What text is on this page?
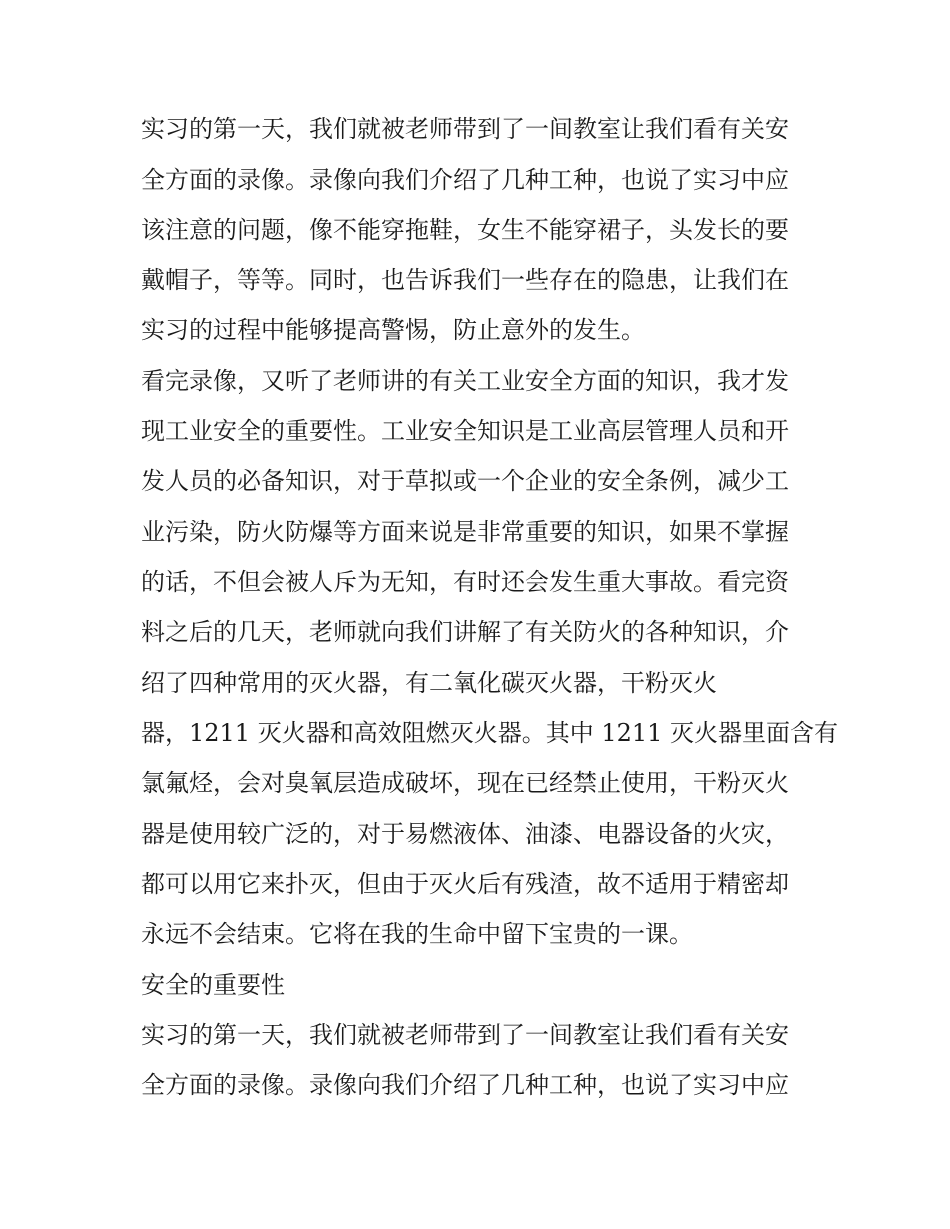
实习的第一天，我们就被老师带到了一间教室让我们看有关安
全方面的录像。录像向我们介绍了几种工种，也说了实习中应
该注意的问题，像不能穿拖鞋，女生不能穿裙子，头发长的要
戴帽子，等等。同时，也告诉我们一些存在的隐患，让我们在
实习的过程中能够提高警惕，防止意外的发生。
看完录像，又听了老师讲的有关工业安全方面的知识，我才发
现工业安全的重要性。工业安全知识是工业高层管理人员和开
发人员的必备知识，对于草拟或一个企业的安全条例，减少工
业污染，防火防爆等方面来说是非常重要的知识，如果不掌握
的话，不但会被人斥为无知，有时还会发生重大事故。看完资
料之后的几天，老师就向我们讲解了有关防火的各种知识，介
绍了四种常用的灭火器，有二氧化碳灭火器，干粉灭火
器，1211 灭火器和高效阻燃灭火器。其中 1211 灭火器里面含有
氯氟烃，会对臭氧层造成破坏，现在已经禁止使用，干粉灭火
器是使用较广泛的，对于易燃液体、油漆、电器设备的火灾，
都可以用它来扑灭，但由于灭火后有残渣，故不适用于精密却
永远不会结束。它将在我的生命中留下宝贵的一课。
安全的重要性
实习的第一天，我们就被老师带到了一间教室让我们看有关安
全方面的录像。录像向我们介绍了几种工种，也说了实习中应
